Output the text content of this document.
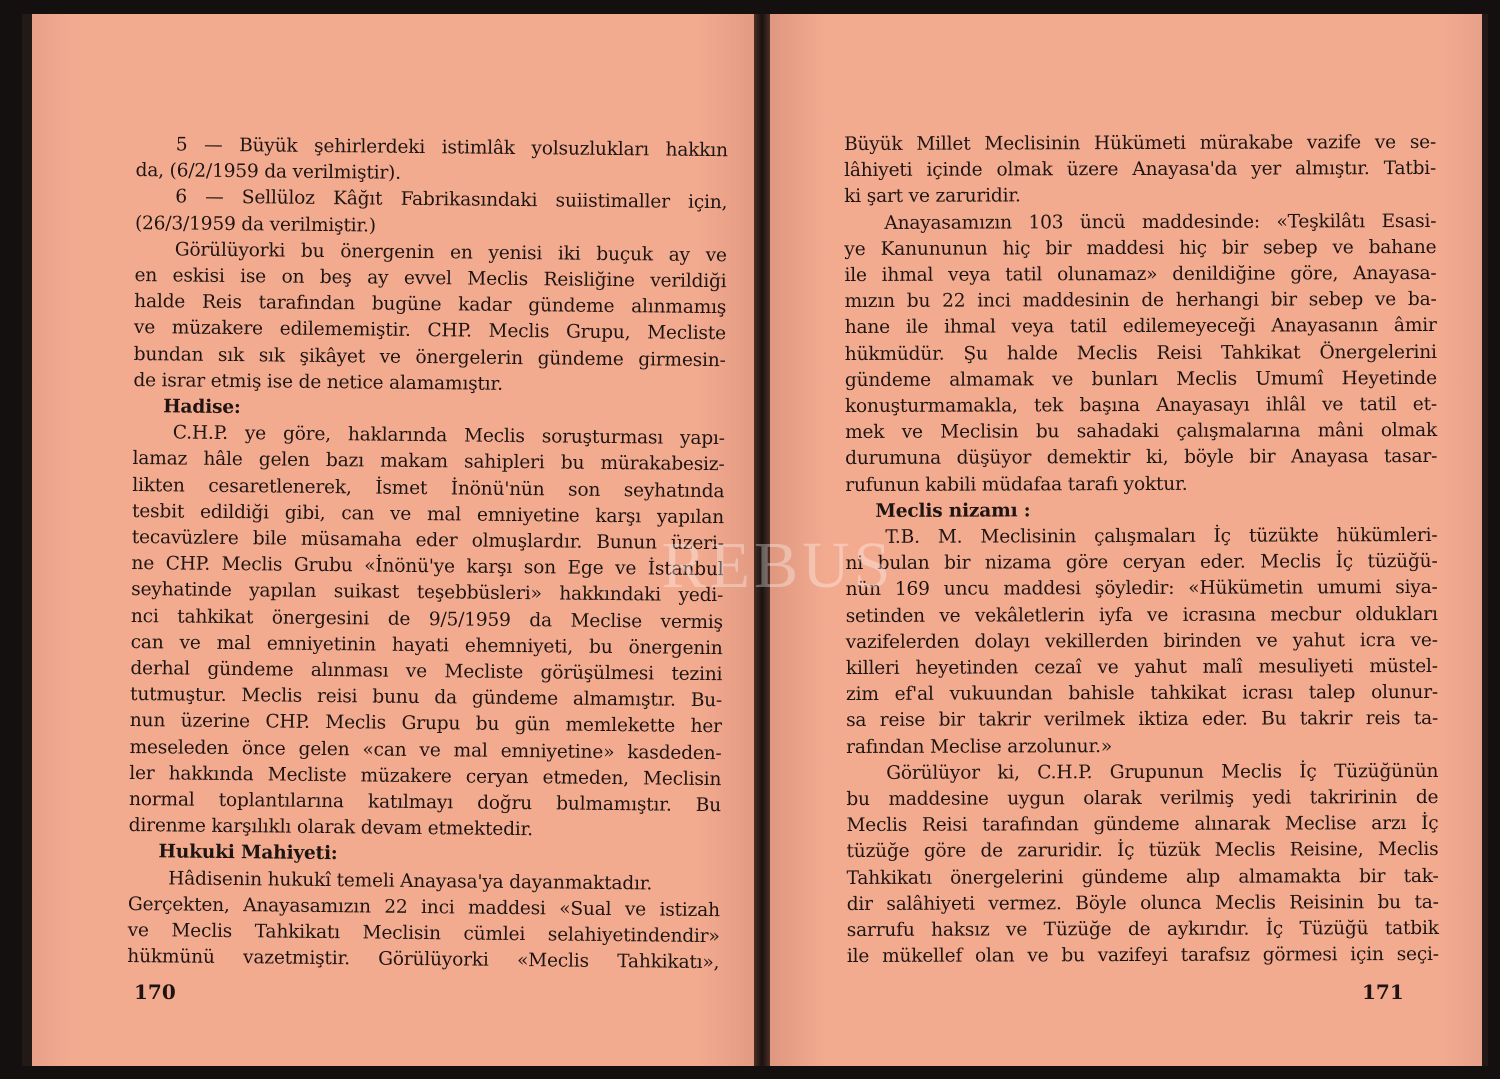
5 — Büyük şehirlerdeki istimlâk yolsuzlukları hakkın
da, (6/2/1959 da verilmiştir).
6 — Sellüloz Kâğıt Fabrikasındaki suiistimaller için,
(26/3/1959 da verilmiştir.)
Görülüyorki bu önergenin en yenisi iki buçuk ay ve
en eskisi ise on beş ay evvel Meclis Reisliğine verildiği
halde Reis tarafından bugüne kadar gündeme alınmamış
ve müzakere edilememiştir. CHP. Meclis Grupu, Mecliste
bundan sık sık şikâyet ve önergelerin gündeme girmesin-
de israr etmiş ise de netice alamamıştır.
Hadise:
C.H.P. ye göre, haklarında Meclis soruşturması yapı-
lamaz hâle gelen bazı makam sahipleri bu mürakabesiz-
likten cesaretlenerek, İsmet İnönü'nün son seyhatında
tesbit edildiği gibi, can ve mal emniyetine karşı yapılan
tecavüzlere bile müsamaha eder olmuşlardır. Bunun üzeri-
ne CHP. Meclis Grubu «İnönü'ye karşı son Ege ve İstanbul
seyhatinde yapılan suikast teşebbüsleri» hakkındaki yedi-
nci tahkikat önergesini de 9/5/1959 da Meclise vermiş
can ve mal emniyetinin hayati ehemniyeti, bu önergenin
derhal gündeme alınması ve Mecliste görüşülmesi tezini
tutmuştur. Meclis reisi bunu da gündeme almamıştır. Bu-
nun üzerine CHP. Meclis Grupu bu gün memlekette her
meseleden önce gelen «can ve mal emniyetine» kasdeden-
ler hakkında Mecliste müzakere ceryan etmeden, Meclisin
normal toplantılarına katılmayı doğru bulmamıştır. Bu
direnme karşılıklı olarak devam etmektedir.
Hukuki Mahiyeti:
Hâdisenin hukukî temeli Anayasa'ya dayanmaktadır.
Gerçekten, Anayasamızın 22 inci maddesi «Sual ve istizah
ve Meclis Tahkikatı Meclisin cümlei selahiyetindendir»
hükmünü vazetmiştir. Görülüyorki «Meclis Tahkikatı»,
170
Büyük Millet Meclisinin Hükümeti mürakabe vazife ve se-
lâhiyeti içinde olmak üzere Anayasa'da yer almıştır. Tatbi-
ki şart ve zaruridir.
Anayasamızın 103 üncü maddesinde: «Teşkilâtı Esasi-
ye Kanununun hiç bir maddesi hiç bir sebep ve bahane
ile ihmal veya tatil olunamaz» denildiğine göre, Anayasa-
mızın bu 22 inci maddesinin de herhangi bir sebep ve ba-
hane ile ihmal veya tatil edilemeyeceği Anayasanın âmir
hükmüdür. Şu halde Meclis Reisi Tahkikat Önergelerini
gündeme almamak ve bunları Meclis Umumî Heyetinde
konuşturmamakla, tek başına Anayasayı ihlâl ve tatil et-
mek ve Meclisin bu sahadaki çalışmalarına mâni olmak
durumuna düşüyor demektir ki, böyle bir Anayasa tasar-
rufunun kabili müdafaa tarafı yoktur.
Meclis nizamı :
T.B. M. Meclisinin çalışmaları İç tüzükte hükümleri-
ni bulan bir nizama göre ceryan eder. Meclis İç tüzüğü-
nün 169 uncu maddesi şöyledir: «Hükümetin umumi siya-
setinden ve vekâletlerin iyfa ve icrasına mecbur oldukları
vazifelerden dolayı vekillerden birinden ve yahut icra ve-
killeri heyetinden cezaî ve yahut malî mesuliyeti müstel-
zim ef'al vukuundan bahisle tahkikat icrası talep olunur-
sa reise bir takrir verilmek iktiza eder. Bu takrir reis ta-
rafından Meclise arzolunur.»
Görülüyor ki, C.H.P. Grupunun Meclis İç Tüzüğünün
bu maddesine uygun olarak verilmiş yedi takririnin de
Meclis Reisi tarafından gündeme alınarak Meclise arzı İç
tüzüğe göre de zaruridir. İç tüzük Meclis Reisine, Meclis
Tahkikatı önergelerini gündeme alıp almamakta bir tak-
dir salâhiyeti vermez. Böyle olunca Meclis Reisinin bu ta-
sarrufu haksız ve Tüzüğe de aykırıdır. İç Tüzüğü tatbik
ile mükellef olan ve bu vazifeyi tarafsız görmesi için seçi-
171
REBUS
